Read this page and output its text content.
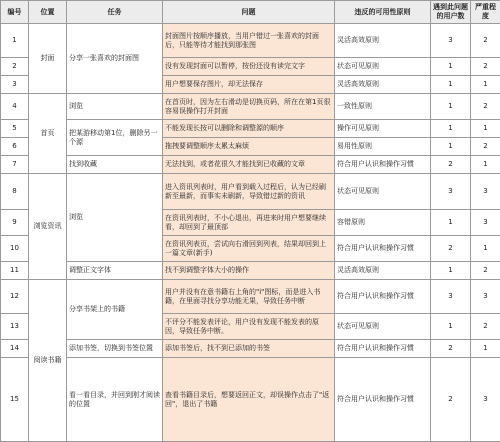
编号	位置	任务	问题	违反的可用性原则	遇到此问题的用户数	严重程度
1	封面	分享一张喜欢的封面图	封面图片按顺序播放，当用户错过一张喜欢的封面后，只能等待才能找到那张图	灵活高效原则	3	2
2			没有发现封面可以暂停，按份还没有读完文字	状态可见原则	1	2
3			用户想要保存图片，却无法保存	灵活高效原则	1	1
4	首页	浏览	在首页时，因为左右滑动是切换页码，所在在第1页很容易误操作打开封面	一致性原则	1	2
5		把某游移动第1位，删除另一个源	不能发现长按可以删除和调整源的顺序	操作可见原则	1	1
6			拖拽要调整顺序太累太麻烦	易用性原则	1	2
7		找到收藏	无法找到，或者花很久才能找到已收藏的文章	符合用户认识和操作习惯	2	1
8	浏览资讯	浏览	进入资讯列表时，用户看到载入过程后，认为已经刷新至最新，而事实未刷新，导致错过新的资讯	状态可见原则	3	3
9			在资讯列表时，不小心退出，再进来时用户想要继续看，却回到了最顶部	容错原则	1	3
10			在资讯列表页，尝试向右滑回到列表，结果却回到上一篇文章(新手)	符合用户认识和操作习惯	2	1
11		调整正文字体	找不到调整字体大小的操作	灵活高效原则	1	2
12	阅读书籍	分享书架上的书籍	用户并没有在意书籍右上角的"i"图标，而是进入书籍，在里面寻找分享功能无果，导致任务中断	符合用户认识和操作习惯	3	3
13			不评分不能发表评论，用户没有发现不能发表的原因，导致任务中断。	状态可见原则	1	2
14		添加书签，切换到书签位置	添加书签后，找不到已添加的书签	符合用户认识和操作习惯	2	1
15		看一看目录，并回到刚才阅读的位置	查看书籍目录后，想要返回正文，却误操作点击了"返回"，退出了书籍	符合用户认识和操作习惯	2	3
